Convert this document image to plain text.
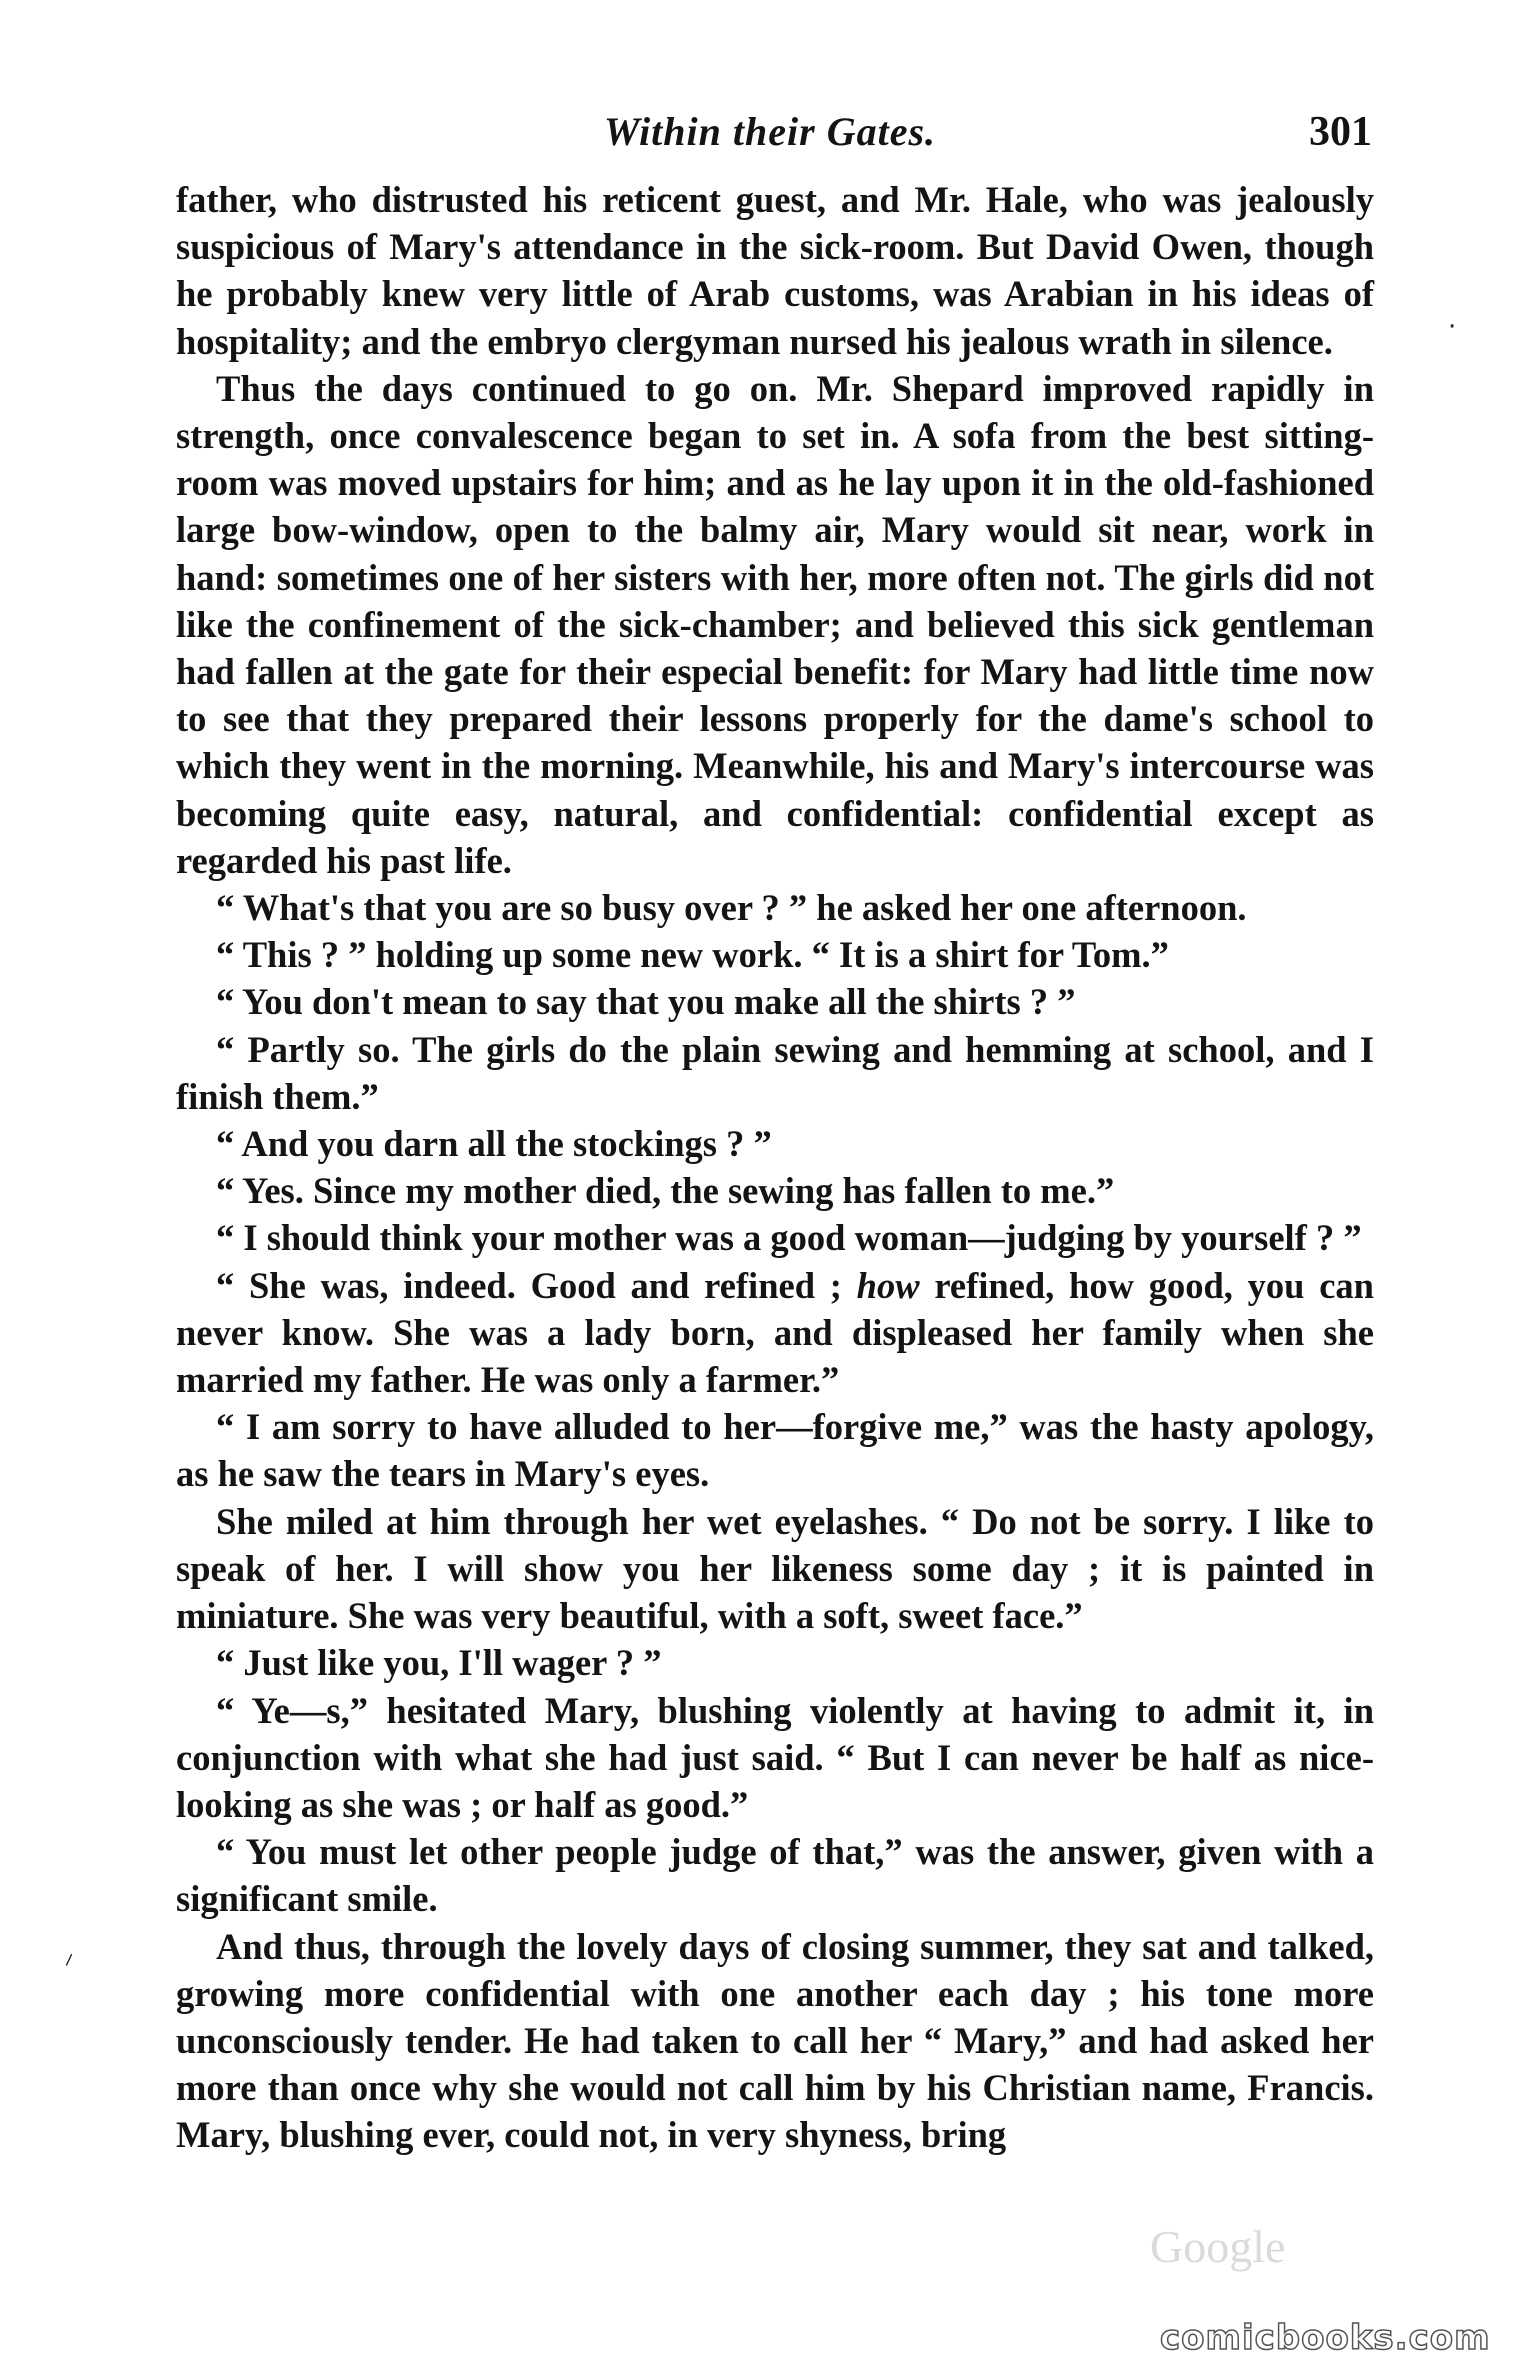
Within their Gates.	301

father, who distrusted his reticent guest, and Mr. Hale, who was jealously suspicious of Mary's attendance in the sick-room. But David Owen, though he probably knew very little of Arab customs, was Arabian in his ideas of hospitality; and the embryo clergyman nursed his jealous wrath in silence.

Thus the days continued to go on. Mr. Shepard improved rapidly in strength, once convalescence began to set in. A sofa from the best sitting-room was moved upstairs for him; and as he lay upon it in the old-fashioned large bow-window, open to the balmy air, Mary would sit near, work in hand: sometimes one of her sisters with her, more often not. The girls did not like the confinement of the sick-chamber; and believed this sick gentleman had fallen at the gate for their especial benefit: for Mary had little time now to see that they prepared their lessons properly for the dame's school to which they went in the morning. Meanwhile, his and Mary's intercourse was becoming quite easy, natural, and confidential: confidential except as regarded his past life.

“ What's that you are so busy over ? ” he asked her one afternoon.

“ This ? ” holding up some new work. “ It is a shirt for Tom.”

“ You don't mean to say that you make all the shirts ? ”

“ Partly so. The girls do the plain sewing and hemming at school, and I finish them.”

“ And you darn all the stockings ? ”

“ Yes. Since my mother died, the sewing has fallen to me.”

“ I should think your mother was a good woman—judging by yourself ? ”

“ She was, indeed. Good and refined ; how refined, how good, you can never know. She was a lady born, and displeased her family when she married my father. He was only a farmer.”

“ I am sorry to have alluded to her—forgive me,” was the hasty apology, as he saw the tears in Mary's eyes.

She miled at him through her wet eyelashes. “ Do not be sorry. I like to speak of her. I will show you her likeness some day ; it is painted in miniature. She was very beautiful, with a soft, sweet face.”

“ Just like you, I'll wager ? ”

“ Ye—s,” hesitated Mary, blushing violently at having to admit it, in conjunction with what she had just said. “ But I can never be half as nice-looking as she was ; or half as good.”

“ You must let other people judge of that,” was the answer, given with a significant smile.

And thus, through the lovely days of closing summer, they sat and talked, growing more confidential with one another each day ; his tone more unconsciously tender. He had taken to call her “ Mary,” and had asked her more than once why she would not call him by his Christian name, Francis. Mary, blushing ever, could not, in very shyness, bring

·
⸝
Google
comicbooks.com
